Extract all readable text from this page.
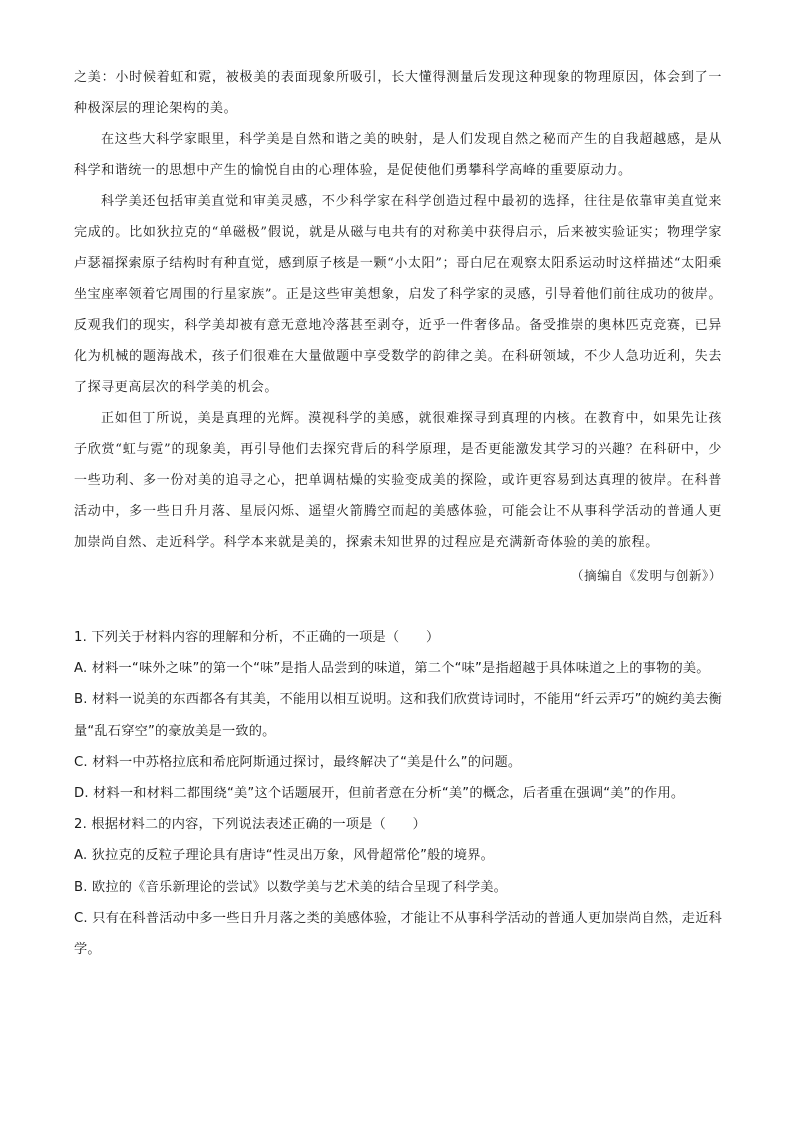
之美：小时候着虹和霓，被极美的表面现象所吸引，长大懂得测量后发现这种现象的物理原因，体会到了一种极深层的理论架构的美。

在这些大科学家眼里，科学美是自然和谐之美的映射，是人们发现自然之秘而产生的自我超越感，是从科学和谐统一的思想中产生的愉悦自由的心理体验，是促使他们勇攀科学高峰的重要原动力。

科学美还包括审美直觉和审美灵感，不少科学家在科学创造过程中最初的选择，往往是依靠审美直觉来完成的。比如狄拉克的“单磁极”假说，就是从磁与电共有的对称美中获得启示，后来被实验证实；物理学家卢瑟福探索原子结构时有种直觉，感到原子核是一颗“小太阳”；哥白尼在观察太阳系运动时这样描述“太阳乘坐宝座率领着它周围的行星家族”。正是这些审美想象，启发了科学家的灵感，引导着他们前往成功的彼岸。反观我们的现实，科学美却被有意无意地冷落甚至剥夺，近乎一件奢侈品。备受推崇的奥林匹克竞赛，已异化为机械的题海战术，孩子们很难在大量做题中享受数学的韵律之美。在科研领域，不少人急功近利，失去了探寻更高层次的科学美的机会。

正如但丁所说，美是真理的光辉。漠视科学的美感，就很难探寻到真理的内核。在教育中，如果先让孩子欣赏“虹与霓”的现象美，再引导他们去探究背后的科学原理，是否更能激发其学习的兴趣？在科研中，少一些功利、多一份对美的追寻之心，把单调枯燥的实验变成美的探险，或许更容易到达真理的彼岸。在科普活动中，多一些日升月落、星辰闪烁、遥望火箭腾空而起的美感体验，可能会让不从事科学活动的普通人更加崇尚自然、走近科学。科学本来就是美的，探索未知世界的过程应是充满新奇体验的美的旅程。

（摘编自《发明与创新》）

1. 下列关于材料内容的理解和分析，不正确的一项是（　　）

A. 材料一“味外之味”的第一个“味”是指人品尝到的味道，第二个“味”是指超越于具体味道之上的事物的美。

B. 材料一说美的东西都各有其美，不能用以相互说明。这和我们欣赏诗词时，不能用“纤云弄巧”的婉约美去衡量“乱石穿空”的豪放美是一致的。

C. 材料一中苏格拉底和希庇阿斯通过探讨，最终解决了“美是什么”的问题。

D. 材料一和材料二都围绕“美”这个话题展开，但前者意在分析“美”的概念，后者重在强调“美”的作用。

2. 根据材料二的内容，下列说法表述正确的一项是（　　）

A. 狄拉克的反粒子理论具有唐诗“性灵出万象，风骨超常伦”般的境界。

B. 欧拉的《音乐新理论的尝试》以数学美与艺术美的结合呈现了科学美。

C. 只有在科普活动中多一些日升月落之类的美感体验，才能让不从事科学活动的普通人更加崇尚自然，走近科学。
